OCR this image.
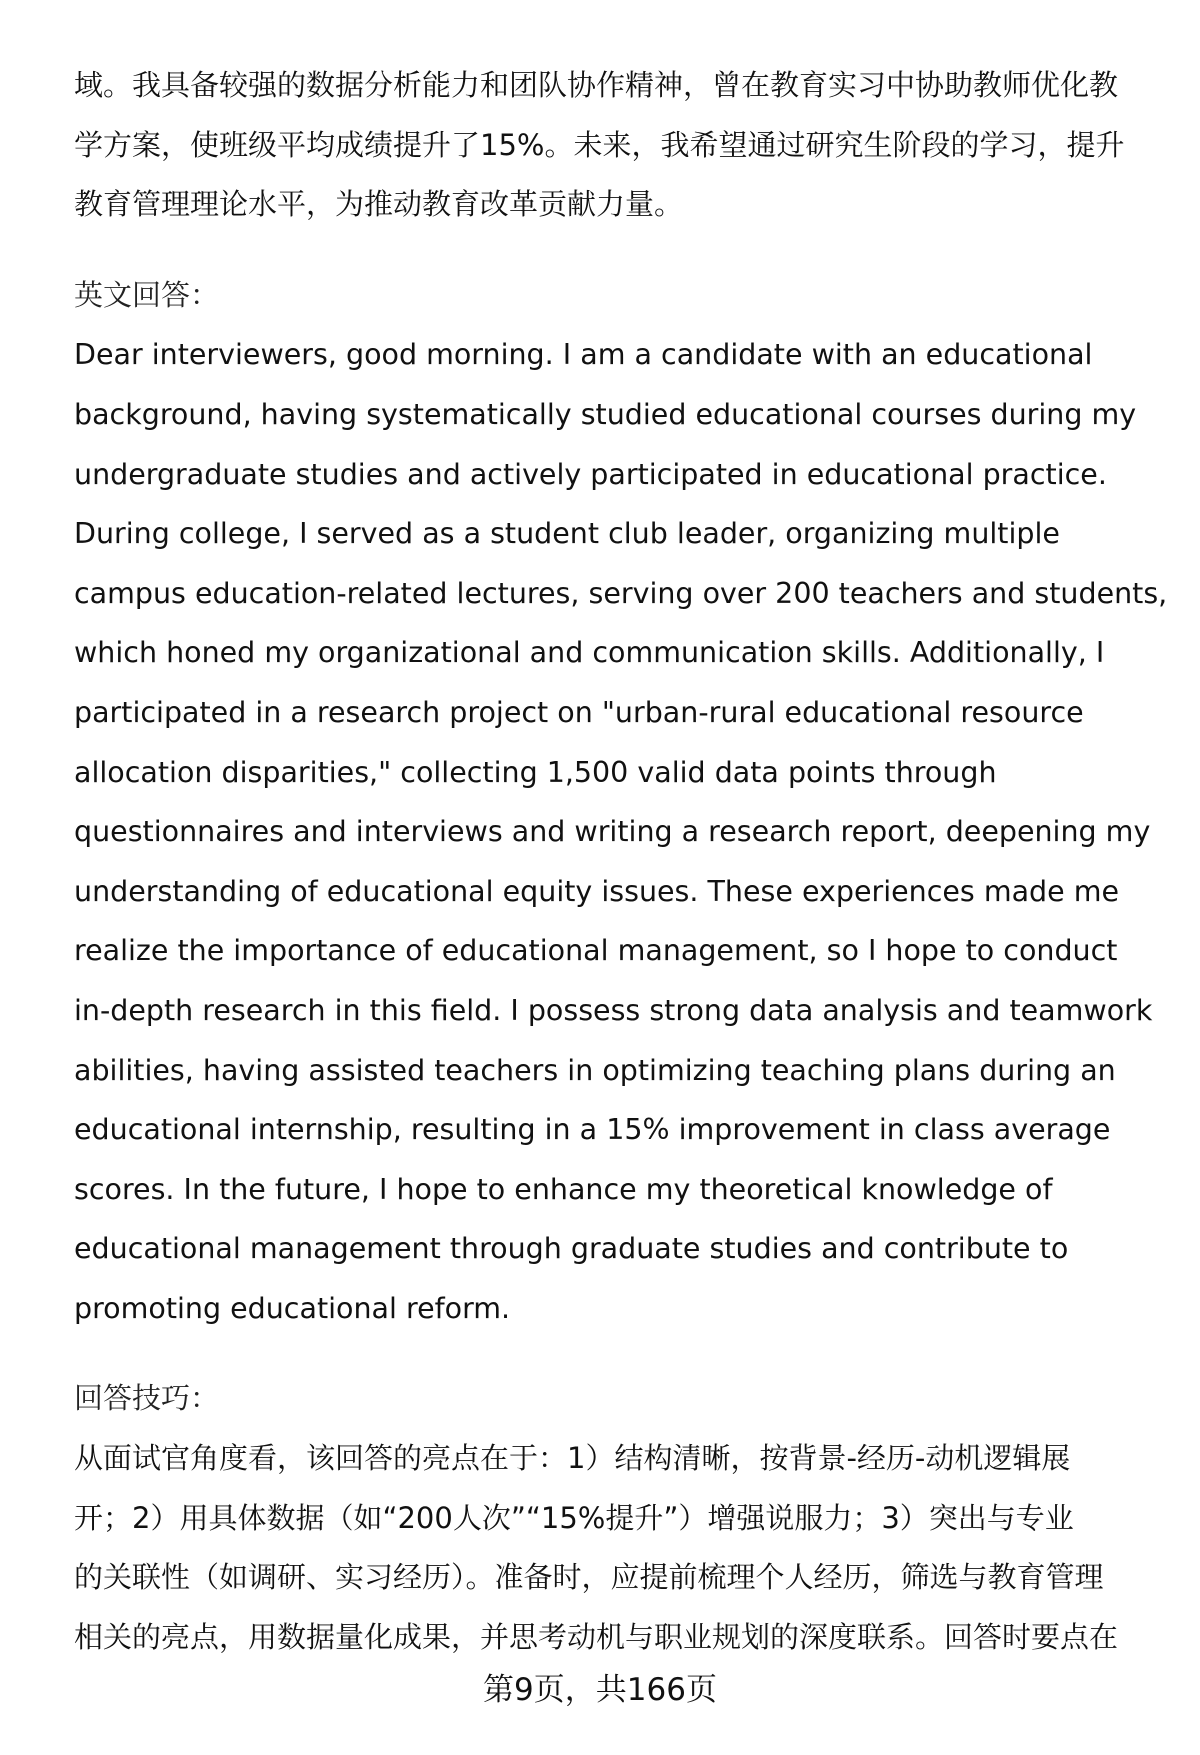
域。我具备较强的数据分析能力和团队协作精神，曾在教育实习中协助教师优化教
学方案，使班级平均成绩提升了15%。未来，我希望通过研究生阶段的学习，提升
教育管理理论水平，为推动教育改革贡献力量。

英文回答：

Dear interviewers, good morning. I am a candidate with an educational
background, having systematically studied educational courses during my
undergraduate studies and actively participated in educational practice.
During college, I served as a student club leader, organizing multiple
campus education-related lectures, serving over 200 teachers and students,
which honed my organizational and communication skills. Additionally, I
participated in a research project on "urban-rural educational resource
allocation disparities," collecting 1,500 valid data points through
questionnaires and interviews and writing a research report, deepening my
understanding of educational equity issues. These experiences made me
realize the importance of educational management, so I hope to conduct
in-depth research in this field. I possess strong data analysis and teamwork
abilities, having assisted teachers in optimizing teaching plans during an
educational internship, resulting in a 15% improvement in class average
scores. In the future, I hope to enhance my theoretical knowledge of
educational management through graduate studies and contribute to
promoting educational reform.

回答技巧：

从面试官角度看，该回答的亮点在于：1）结构清晰，按背景-经历-动机逻辑展
开；2）用具体数据（如“200人次”“15%提升”）增强说服力；3）突出与专业
的关联性（如调研、实习经历）。准备时，应提前梳理个人经历，筛选与教育管理
相关的亮点，用数据量化成果，并思考动机与职业规划的深度联系。回答时要点在

第9页，共166页
